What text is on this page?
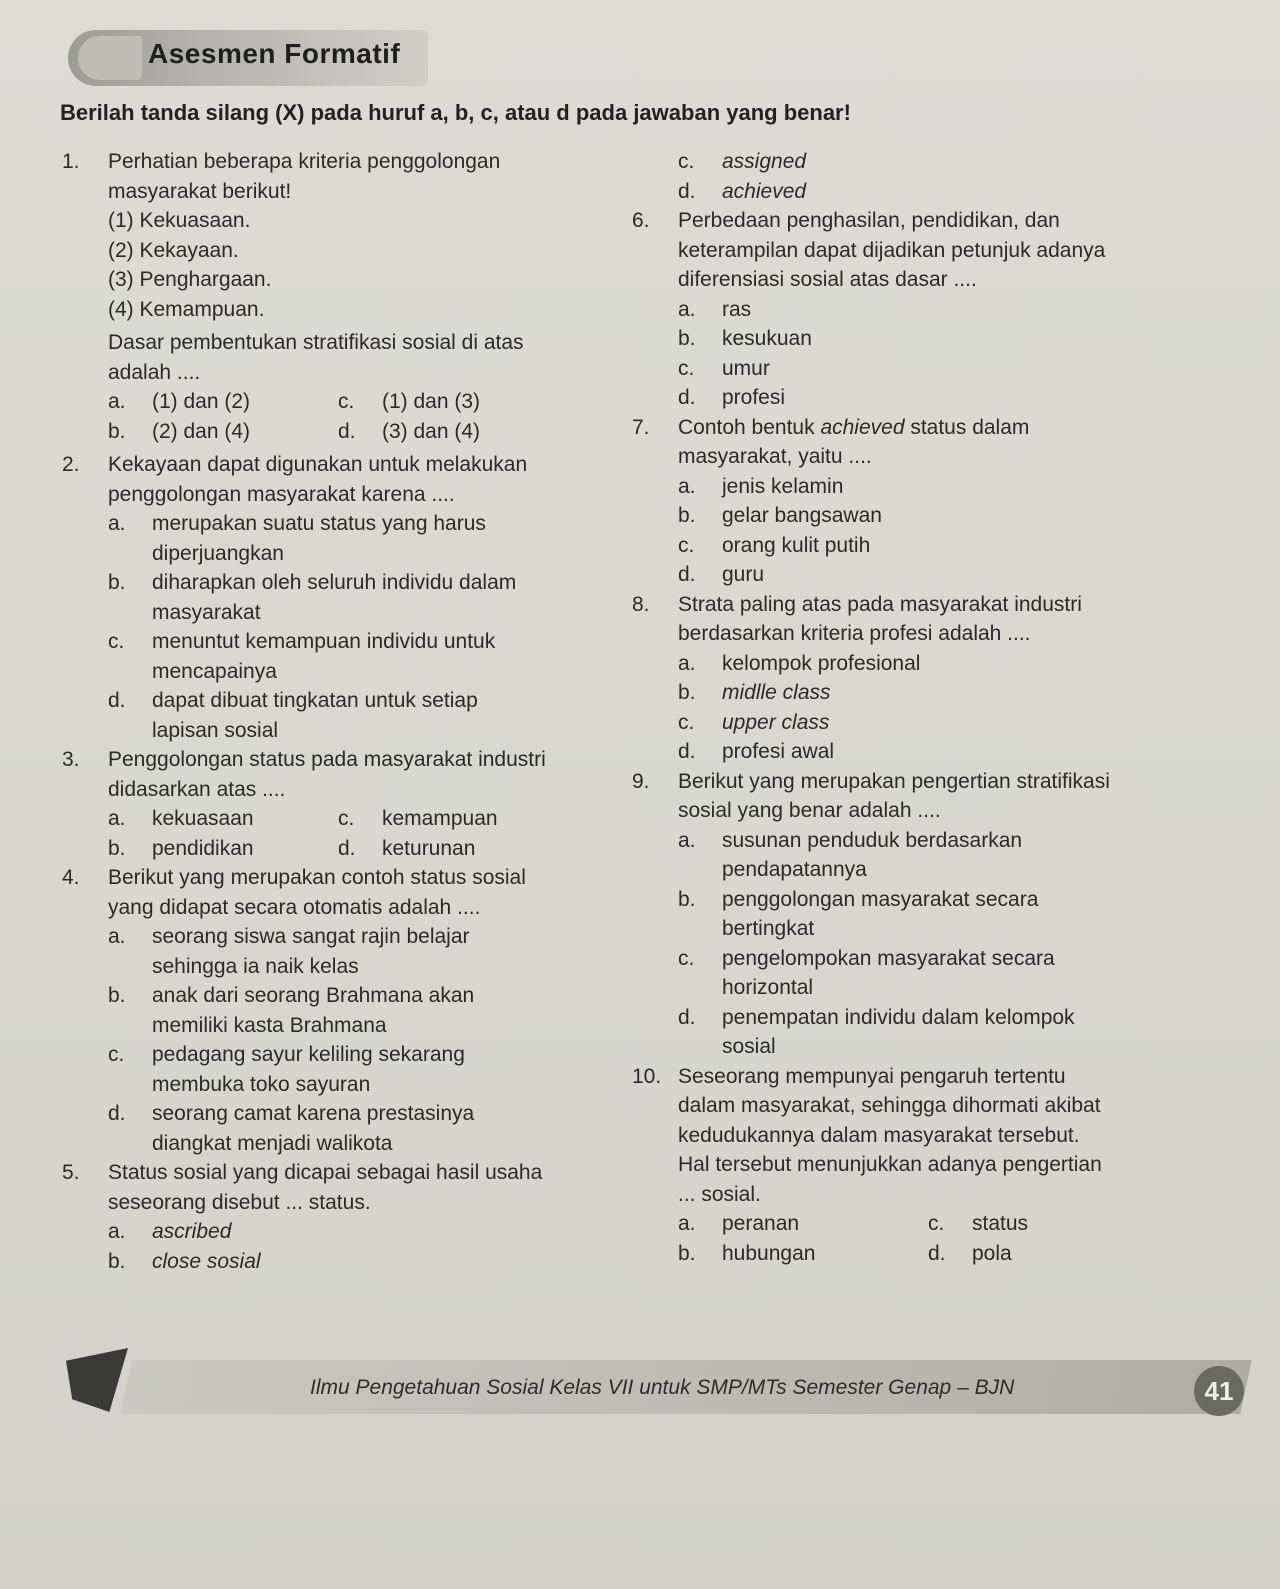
Asesmen Formatif
Berilah tanda silang (X) pada huruf a, b, c, atau d pada jawaban yang benar!
1.	Perhatian beberapa kriteria penggolongan
masyarakat berikut!
(1) Kekuasaan.
(2) Kekayaan.
(3) Penghargaan.
(4) Kemampuan.
Dasar pembentukan stratifikasi sosial di atas
adalah ....
a.	(1) dan (2)	c.	(1) dan (3)
b.	(2) dan (4)	d.	(3) dan (4)
2.	Kekayaan dapat digunakan untuk melakukan
penggolongan masyarakat karena ....
a.	merupakan suatu status yang harus
diperjuangkan
b.	diharapkan oleh seluruh individu dalam
masyarakat
c.	menuntut kemampuan individu untuk
mencapainya
d.	dapat dibuat tingkatan untuk setiap
lapisan sosial
3.	Penggolongan status pada masyarakat industri
didasarkan atas ....
a.	kekuasaan	c.	kemampuan
b.	pendidikan	d.	keturunan
4.	Berikut yang merupakan contoh status sosial
yang didapat secara otomatis adalah ....
a.	seorang siswa sangat rajin belajar
sehingga ia naik kelas
b.	anak dari seorang Brahmana akan
memiliki kasta Brahmana
c.	pedagang sayur keliling sekarang
membuka toko sayuran
d.	seorang camat karena prestasinya
diangkat menjadi walikota
5.	Status sosial yang dicapai sebagai hasil usaha
seseorang disebut ... status.
a.	ascribed
b.	close sosial
c.	assigned
d.	achieved
6.	Perbedaan penghasilan, pendidikan, dan
keterampilan dapat dijadikan petunjuk adanya
diferensiasi sosial atas dasar ....
a.	ras
b.	kesukuan
c.	umur
d.	profesi
7.	Contoh bentuk achieved status dalam
masyarakat, yaitu ....
a.	jenis kelamin
b.	gelar bangsawan
c.	orang kulit putih
d.	guru
8.	Strata paling atas pada masyarakat industri
berdasarkan kriteria profesi adalah ....
a.	kelompok profesional
b.	midlle class
c.	upper class
d.	profesi awal
9.	Berikut yang merupakan pengertian stratifikasi
sosial yang benar adalah ....
a.	susunan penduduk berdasarkan
pendapatannya
b.	penggolongan masyarakat secara
bertingkat
c.	pengelompokan masyarakat secara
horizontal
d.	penempatan individu dalam kelompok
sosial
10. Seseorang mempunyai pengaruh tertentu
dalam masyarakat, sehingga dihormati akibat
kedudukannya dalam masyarakat tersebut.
Hal tersebut menunjukkan adanya pengertian
... sosial.
a.	peranan	c.	status
b.	hubungan	d.	pola
Ilmu Pengetahuan Sosial Kelas VII untuk SMP/MTs Semester Genap – BJN	41
